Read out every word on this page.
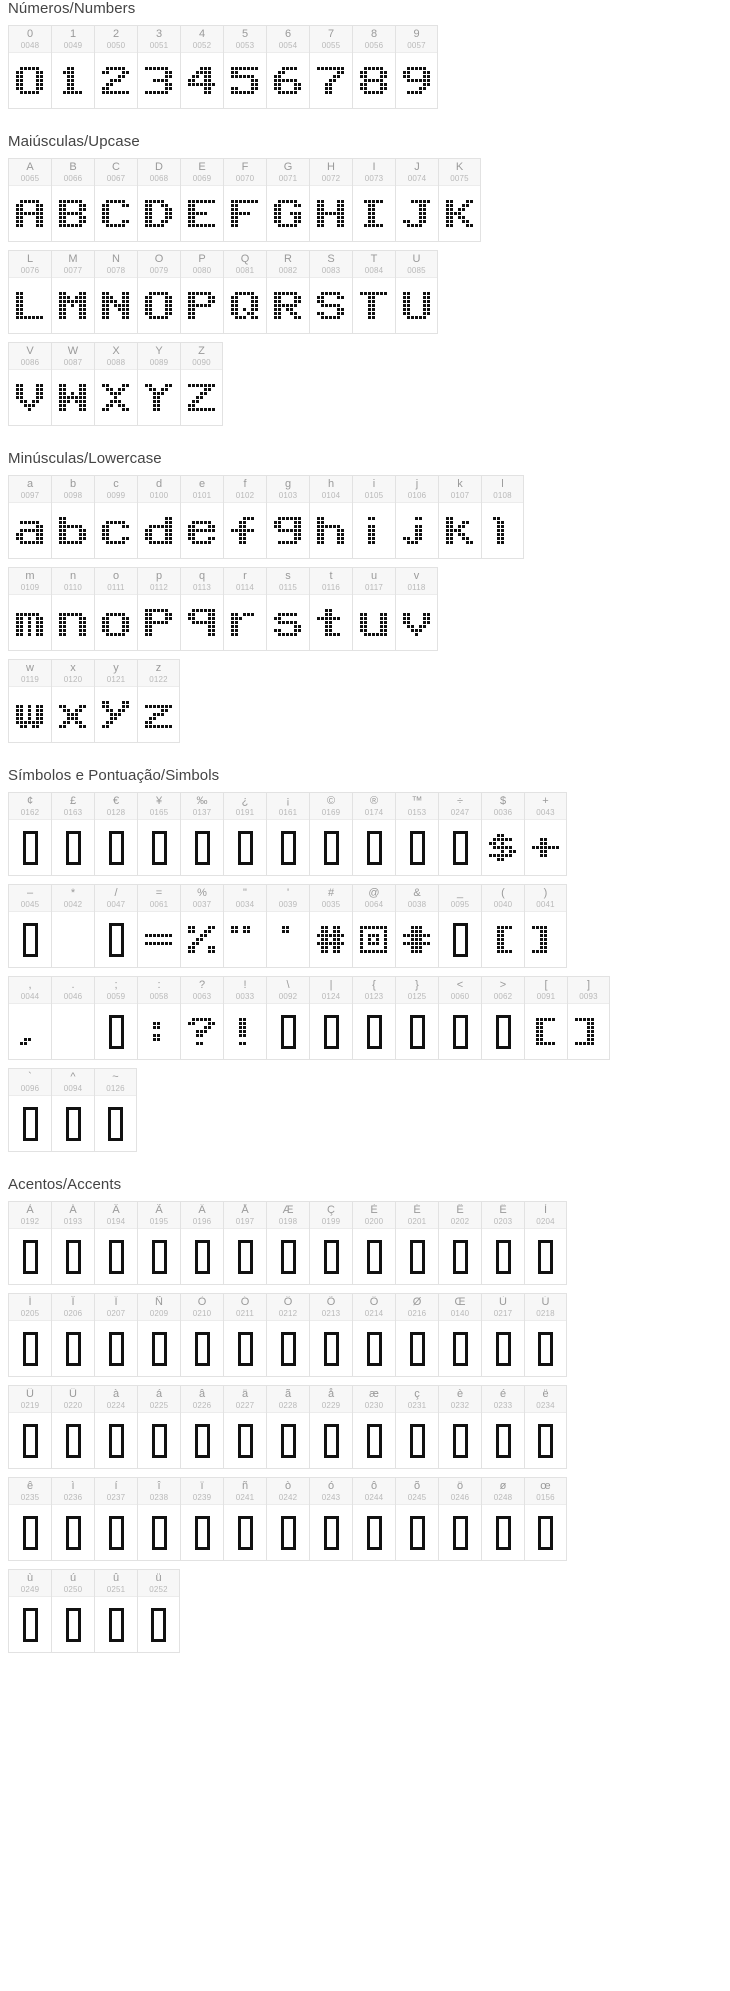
Números/Numbers
0
0048
1
0049
2
0050
3
0051
4
0052
5
0053
6
0054
7
0055
8
0056
9
0057
Maiúsculas/Upcase
A
0065
B
0066
C
0067
D
0068
E
0069
F
0070
G
0071
H
0072
I
0073
J
0074
K
0075
L
0076
M
0077
N
0078
O
0079
P
0080
Q
0081
R
0082
S
0083
T
0084
U
0085
V
0086
W
0087
X
0088
Y
0089
Z
0090
Minúsculas/Lowercase
a
0097
b
0098
c
0099
d
0100
e
0101
f
0102
g
0103
h
0104
i
0105
j
0106
k
0107
l
0108
m
0109
n
0110
o
0111
p
0112
q
0113
r
0114
s
0115
t
0116
u
0117
v
0118
w
0119
x
0120
y
0121
z
0122
Símbolos e Pontuação/Simbols
¢
0162
£
0163
€
0128
¥
0165
‰
0137
¿
0191
¡
0161
©
0169
®
0174
™
0153
÷
0247
$
0036
+
0043
–
0045
*
0042
/
0047
=
0061
%
0037
"
0034
'
0039
#
0035
@
0064
&
0038
_
0095
(
0040
)
0041
,
0044
.
0046
;
0059
:
0058
?
0063
!
0033
\
0092
|
0124
{
0123
}
0125
<
0060
>
0062
[
0091
]
0093
`
0096
^
0094
~
0126
Acentos/Accents
À
0192
Á
0193
Â
0194
Ã
0195
Ä
0196
Å
0197
Æ
0198
Ç
0199
È
0200
É
0201
Ê
0202
Ë
0203
Ì
0204
Í
0205
Î
0206
Ï
0207
Ñ
0209
Ò
0210
Ó
0211
Ô
0212
Õ
0213
Ö
0214
Ø
0216
Œ
0140
Ù
0217
Ú
0218
Û
0219
Ü
0220
à
0224
á
0225
â
0226
ä
0227
ã
0228
å
0229
æ
0230
ç
0231
è
0232
é
0233
ë
0234
ê
0235
ì
0236
í
0237
î
0238
ï
0239
ñ
0241
ò
0242
ó
0243
ô
0244
õ
0245
ö
0246
ø
0248
œ
0156
ù
0249
ú
0250
û
0251
ü
0252
